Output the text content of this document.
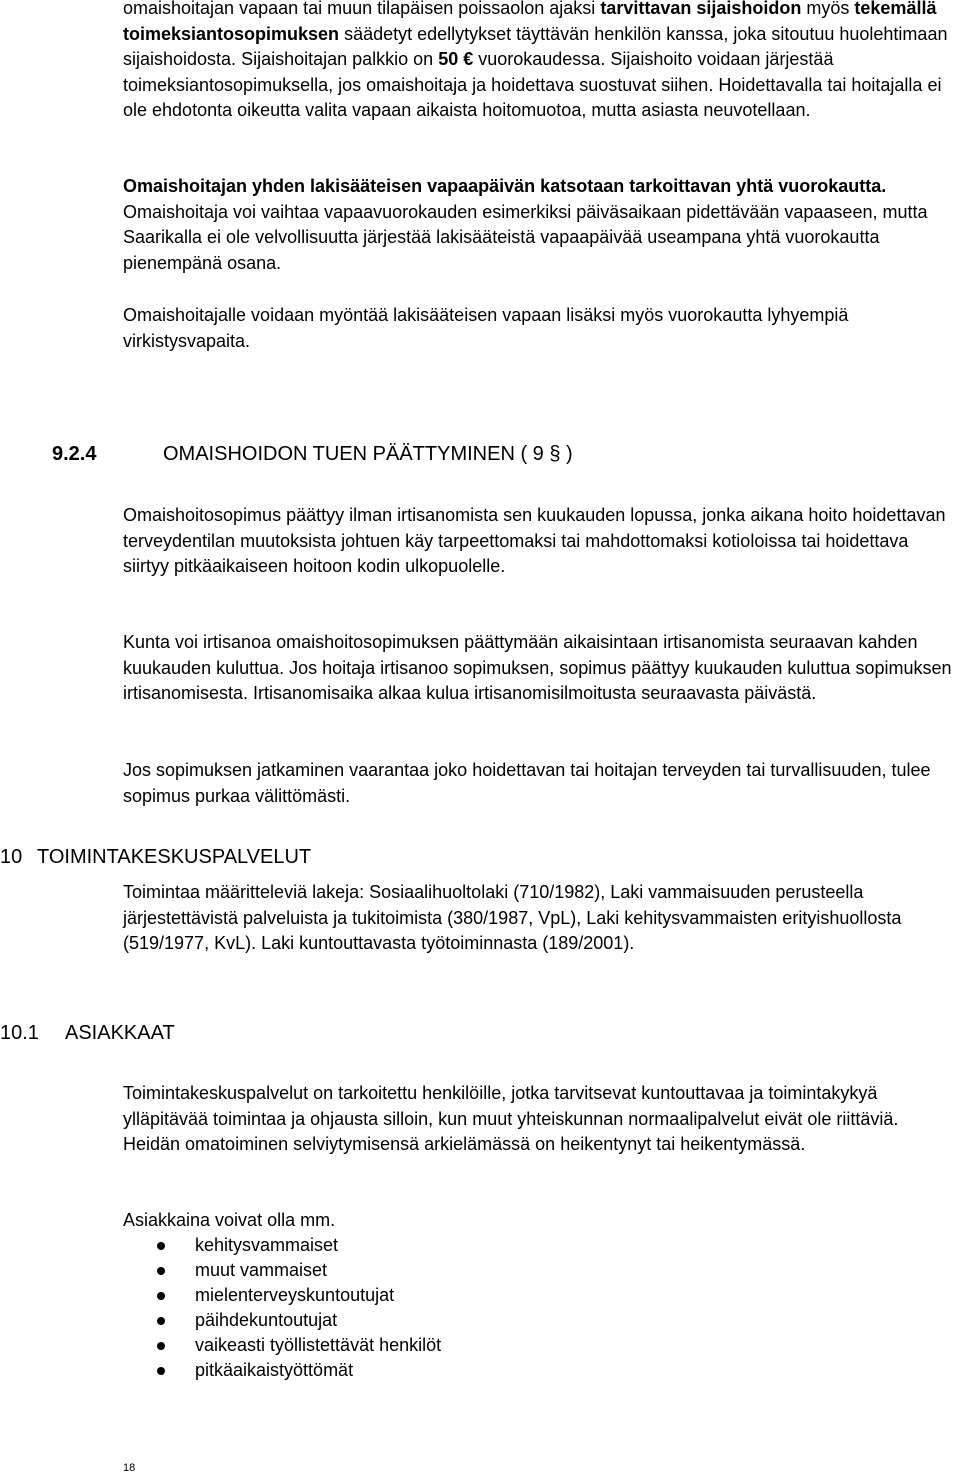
omaishoitajan vapaan tai muun tilapäisen poissaolon ajaksi tarvittavan sijaishoidon myös tekemällä toimeksiantosopimuksen säädetyt edellytykset täyttävän henkilön kanssa, joka sitoutuu huolehtimaan sijaishoidosta. Sijaishoitajan palkkio on 50 € vuorokaudessa. Sijaishoito voidaan järjestää toimeksiantosopimuksella, jos omaishoitaja ja hoidettava suostuvat siihen. Hoidettavalla tai hoitajalla ei ole ehdotonta oikeutta valita vapaan aikaista hoitomuotoa, mutta asiasta neuvotellaan.

Omaishoitajan yhden lakisääteisen vapaapäivän katsotaan tarkoittavan yhtä vuorokautta. Omaishoitaja voi vaihtaa vapaavuorokauden esimerkiksi päiväsaikaan pidettävään vapaaseen, mutta Saarikalla ei ole velvollisuutta järjestää lakisääteistä vapaapäivää useampana yhtä vuorokautta pienempänä osana.

Omaishoitajalle voidaan myöntää lakisääteisen vapaan lisäksi myös vuorokautta lyhyempiä virkistysvapaita.

9.2.4	OMAISHOIDON TUEN PÄÄTTYMINEN ( 9 § )

Omaishoitosopimus päättyy ilman irtisanomista sen kuukauden lopussa, jonka aikana hoito hoidettavan terveydentilan muutoksista johtuen käy tarpeettomaksi tai mahdottomaksi kotioloissa tai hoidettava siirtyy pitkäaikaiseen hoitoon kodin ulkopuolelle.

Kunta voi irtisanoa omaishoitosopimuksen päättymään aikaisintaan irtisanomista seuraavan kahden kuukauden kuluttua. Jos hoitaja irtisanoo sopimuksen, sopimus päättyy kuukauden kuluttua sopimuksen irtisanomisesta. Irtisanomisaika alkaa kulua irtisanomisilmoitusta seuraavasta päivästä.

Jos sopimuksen jatkaminen vaarantaa joko hoidettavan tai hoitajan terveyden tai turvallisuuden, tulee sopimus purkaa välittömästi.

10 TOIMINTAKESKUSPALVELUT

Toimintaa määritteleviä lakeja: Sosiaalihuoltolaki (710/1982), Laki vammaisuuden perusteella järjestettävistä palveluista ja tukitoimista (380/1987, VpL), Laki kehitysvammaisten erityishuollosta (519/1977, KvL). Laki kuntouttavasta työtoiminnasta (189/2001).

10.1 ASIAKKAAT

Toimintakeskuspalvelut on tarkoitettu henkilöille, jotka tarvitsevat kuntouttavaa ja toimintakykyä ylläpitävää toimintaa ja ohjausta silloin, kun muut yhteiskunnan normaalipalvelut eivät ole riittäviä. Heidän omatoiminen selviytymisensä arkielämässä on heikentynyt tai heikentymässä.

Asiakkaina voivat olla mm.

kehitysvammaiset
muut vammaiset
mielenterveyskuntoutujat
päihdekuntoutujat
vaikeasti työllistettävät henkilöt
pitkäaikaistyöttömät

18
